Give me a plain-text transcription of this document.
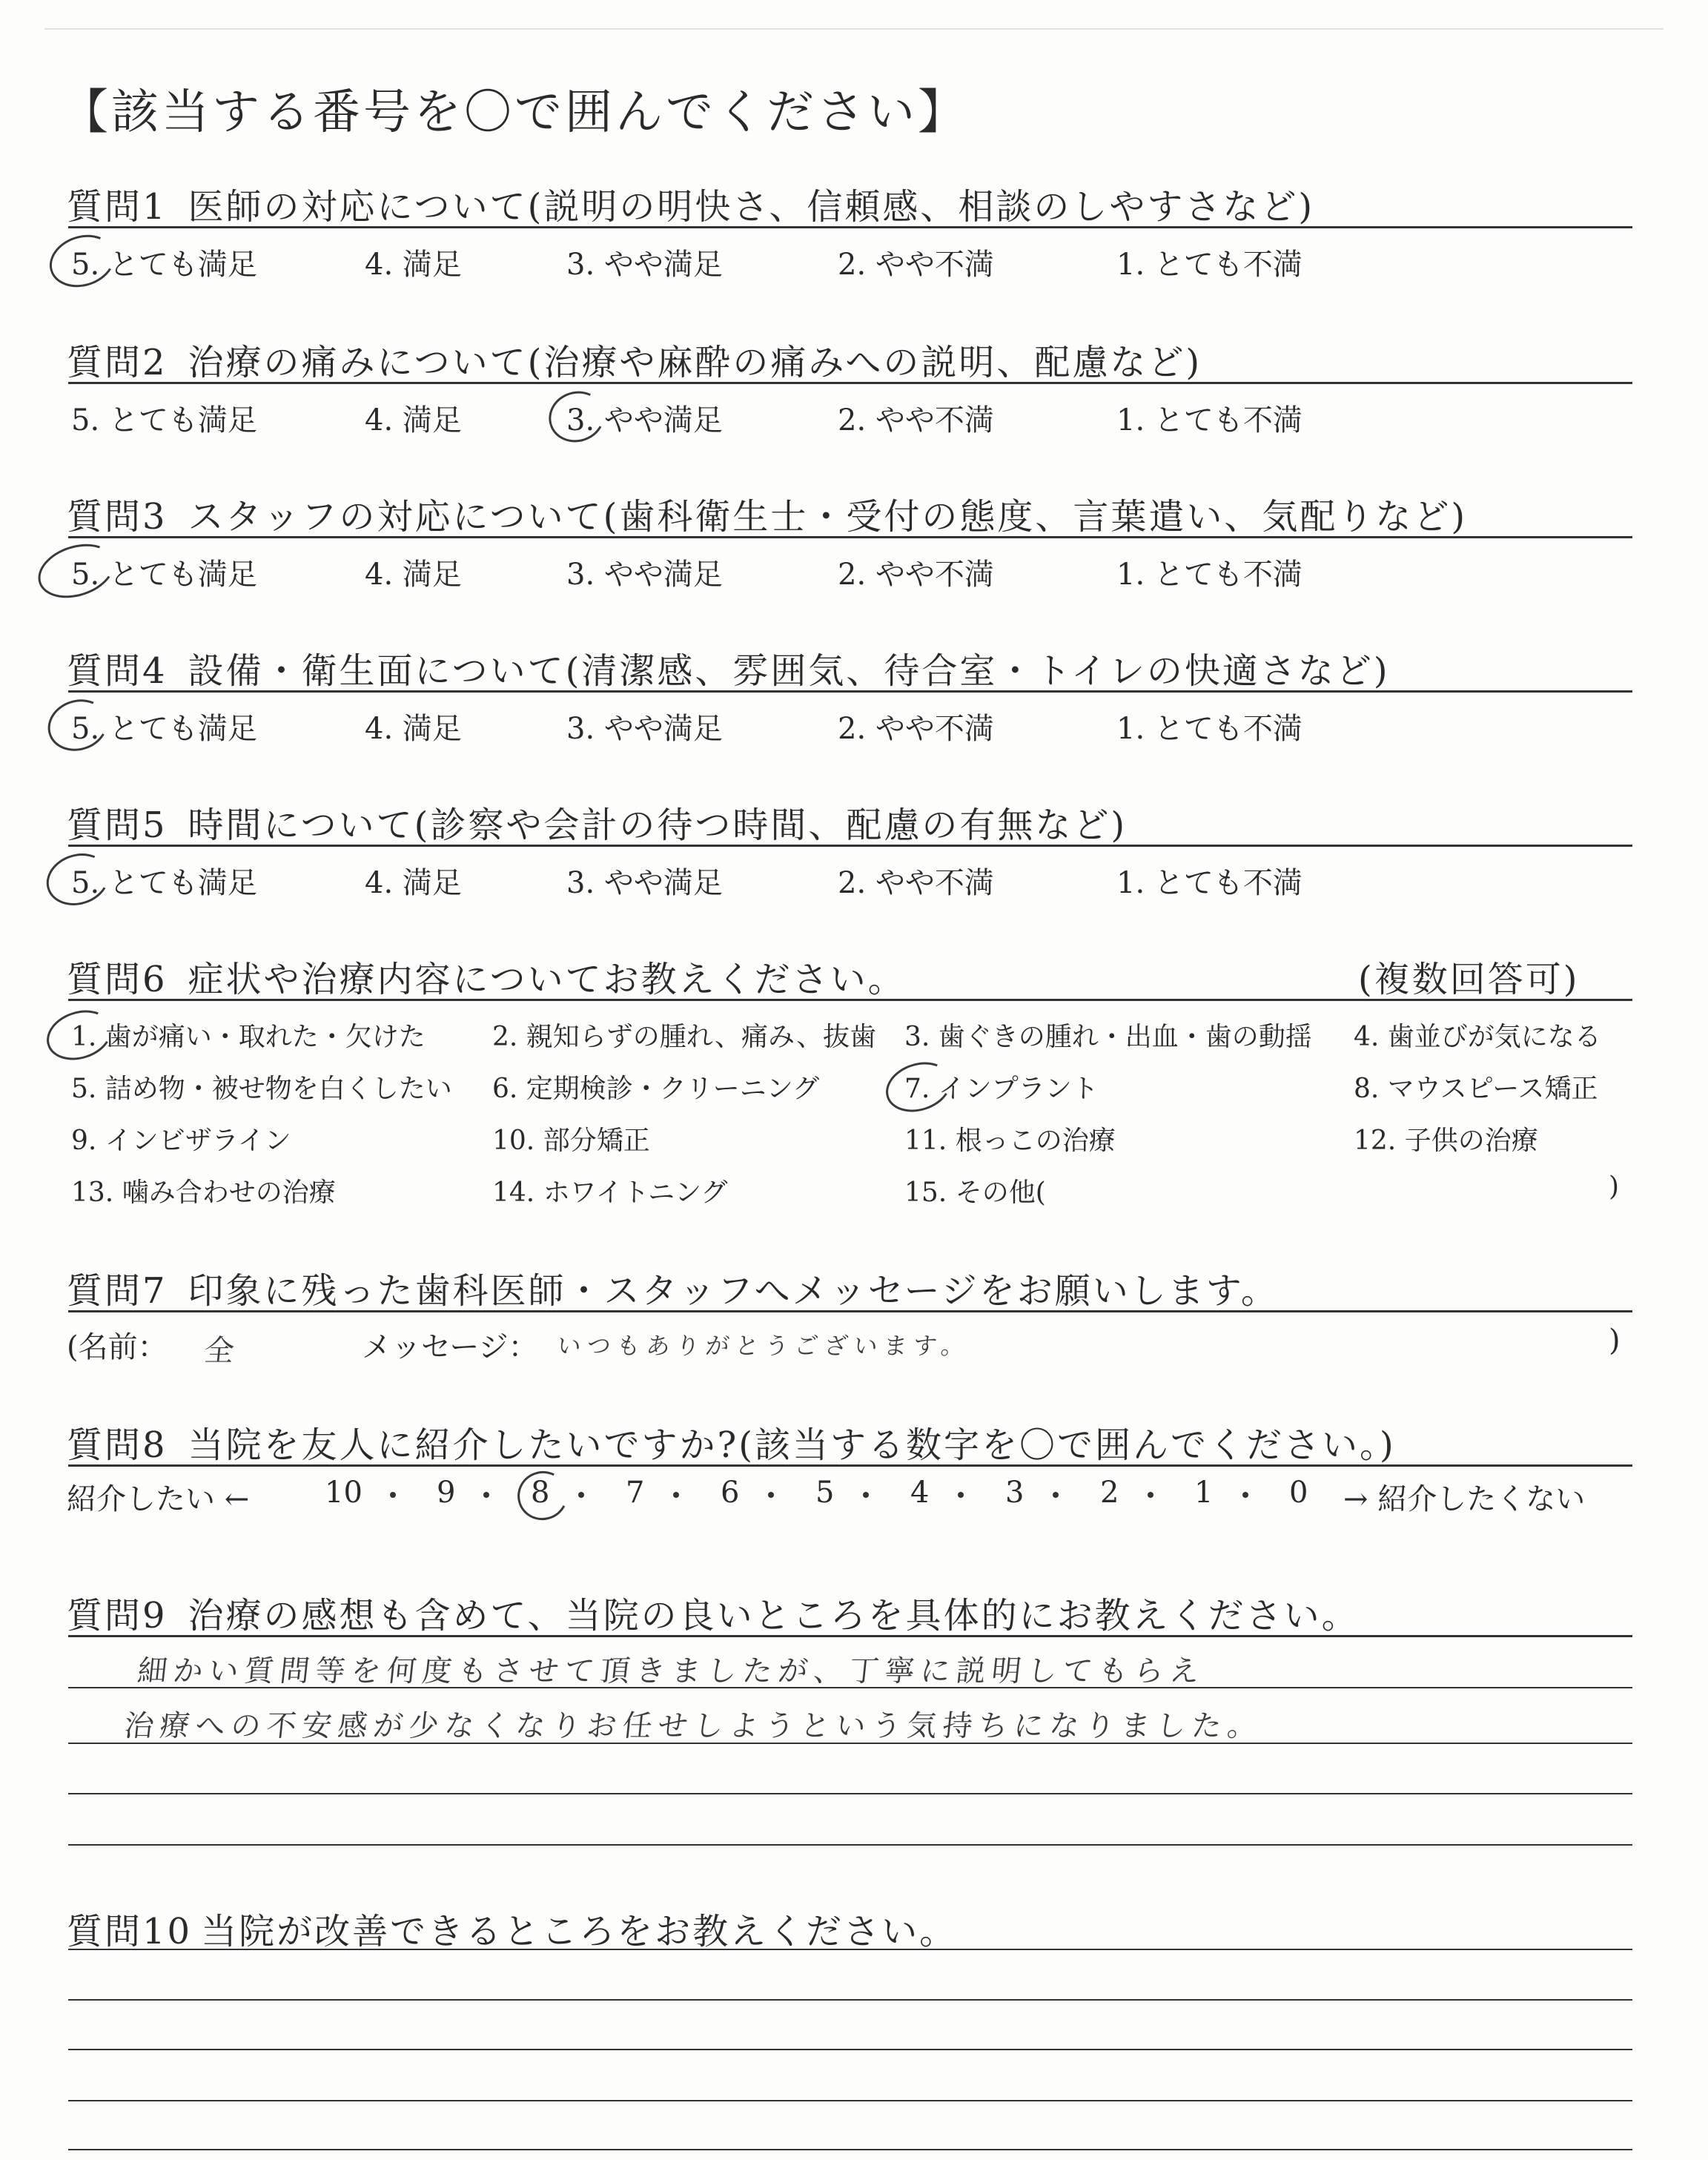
【該当する番号を〇で囲んでください】
質問1 医師の対応について(説明の明快さ、信頼感、相談のしやすさなど)
5. とても満足	4. 満足	3. やや満足	2. やや不満	1. とても不満
質問2 治療の痛みについて(治療や麻酔の痛みへの説明、配慮など)
5. とても満足	4. 満足	3. やや満足	2. やや不満	1. とても不満
質問3 スタッフの対応について(歯科衛生士・受付の態度、言葉遣い、気配りなど)
5. とても満足	4. 満足	3. やや満足	2. やや不満	1. とても不満
質問4 設備・衛生面について(清潔感、雰囲気、待合室・トイレの快適さなど)
5. とても満足	4. 満足	3. やや満足	2. やや不満	1. とても不満
質問5 時間について(診察や会計の待つ時間、配慮の有無など)
5. とても満足	4. 満足	3. やや満足	2. やや不満	1. とても不満
質問6 症状や治療内容についてお教えください。	(複数回答可)
1. 歯が痛い・取れた・欠けた	2. 親知らずの腫れ、痛み、抜歯 3. 歯ぐきの腫れ・出血・歯の動揺 4. 歯並びが気になる
5. 詰め物・被せ物を白くしたい 6. 定期検診・クリーニング	7. インプラント	8. マウスピース矯正
9. インビザライン	10. 部分矯正	11. 根っこの治療	12. 子供の治療
13. 噛み合わせの治療	14. ホワイトニング	15. その他(	)
質問7 印象に残った歯科医師・スタッフへメッセージをお願いします。
(名前： 全	メッセージ： いつもありがとうございます。	)
質問8 当院を友人に紹介したいですか?(該当する数字を〇で囲んでください。)
紹介したい ←	10	9	8	7	6	5	4	3	2	1	0 → 紹介したくない
質問9 治療の感想も含めて、当院の良いところを具体的にお教えください。
細かい質問等を何度もさせて頂きましたが、丁寧に説明してもらえ
治療への不安感が少なくなりお任せしようという気持ちになりました。
質問10 当院が改善できるところをお教えください。
